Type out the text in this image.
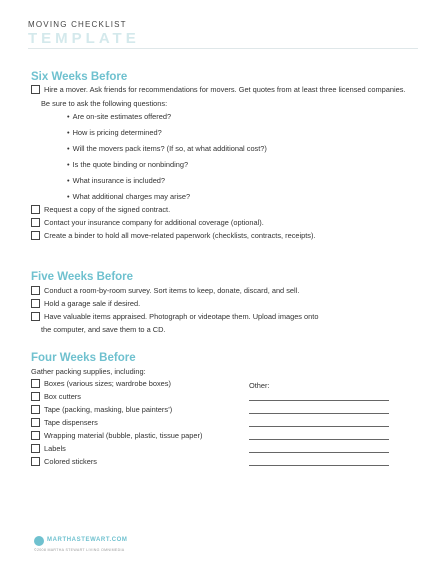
MOVING CHECKLIST
TEMPLATE
Six Weeks Before
Hire a mover. Ask friends for recommendations for movers. Get quotes from at least three licensed companies.
Be sure to ask the following questions:
• Are on-site estimates offered?
• How is pricing determined?
• Will the movers pack items? (If so, at what additional cost?)
• Is the quote binding or nonbinding?
• What insurance is included?
• What additional charges may arise?
Request a copy of the signed contract.
Contact your insurance company for additional coverage (optional).
Create a binder to hold all move-related paperwork (checklists, contracts, receipts).
Five Weeks Before
Conduct a room-by-room survey. Sort items to keep, donate, discard, and sell.
Hold a garage sale if desired.
Have valuable items appraised. Photograph or videotape them. Upload images onto
the computer, and save them to a CD.
Four Weeks Before
Gather packing supplies, including:
Boxes (various sizes; wardrobe boxes)
Box cutters
Tape (packing, masking, blue painters’)
Tape dispensers
Wrapping material (bubble, plastic, tissue paper)
Labels
Colored stickers
Other:
MARTHASTEWART.COM
©2008 MARTHA STEWART LIVING OMNIMEDIA
